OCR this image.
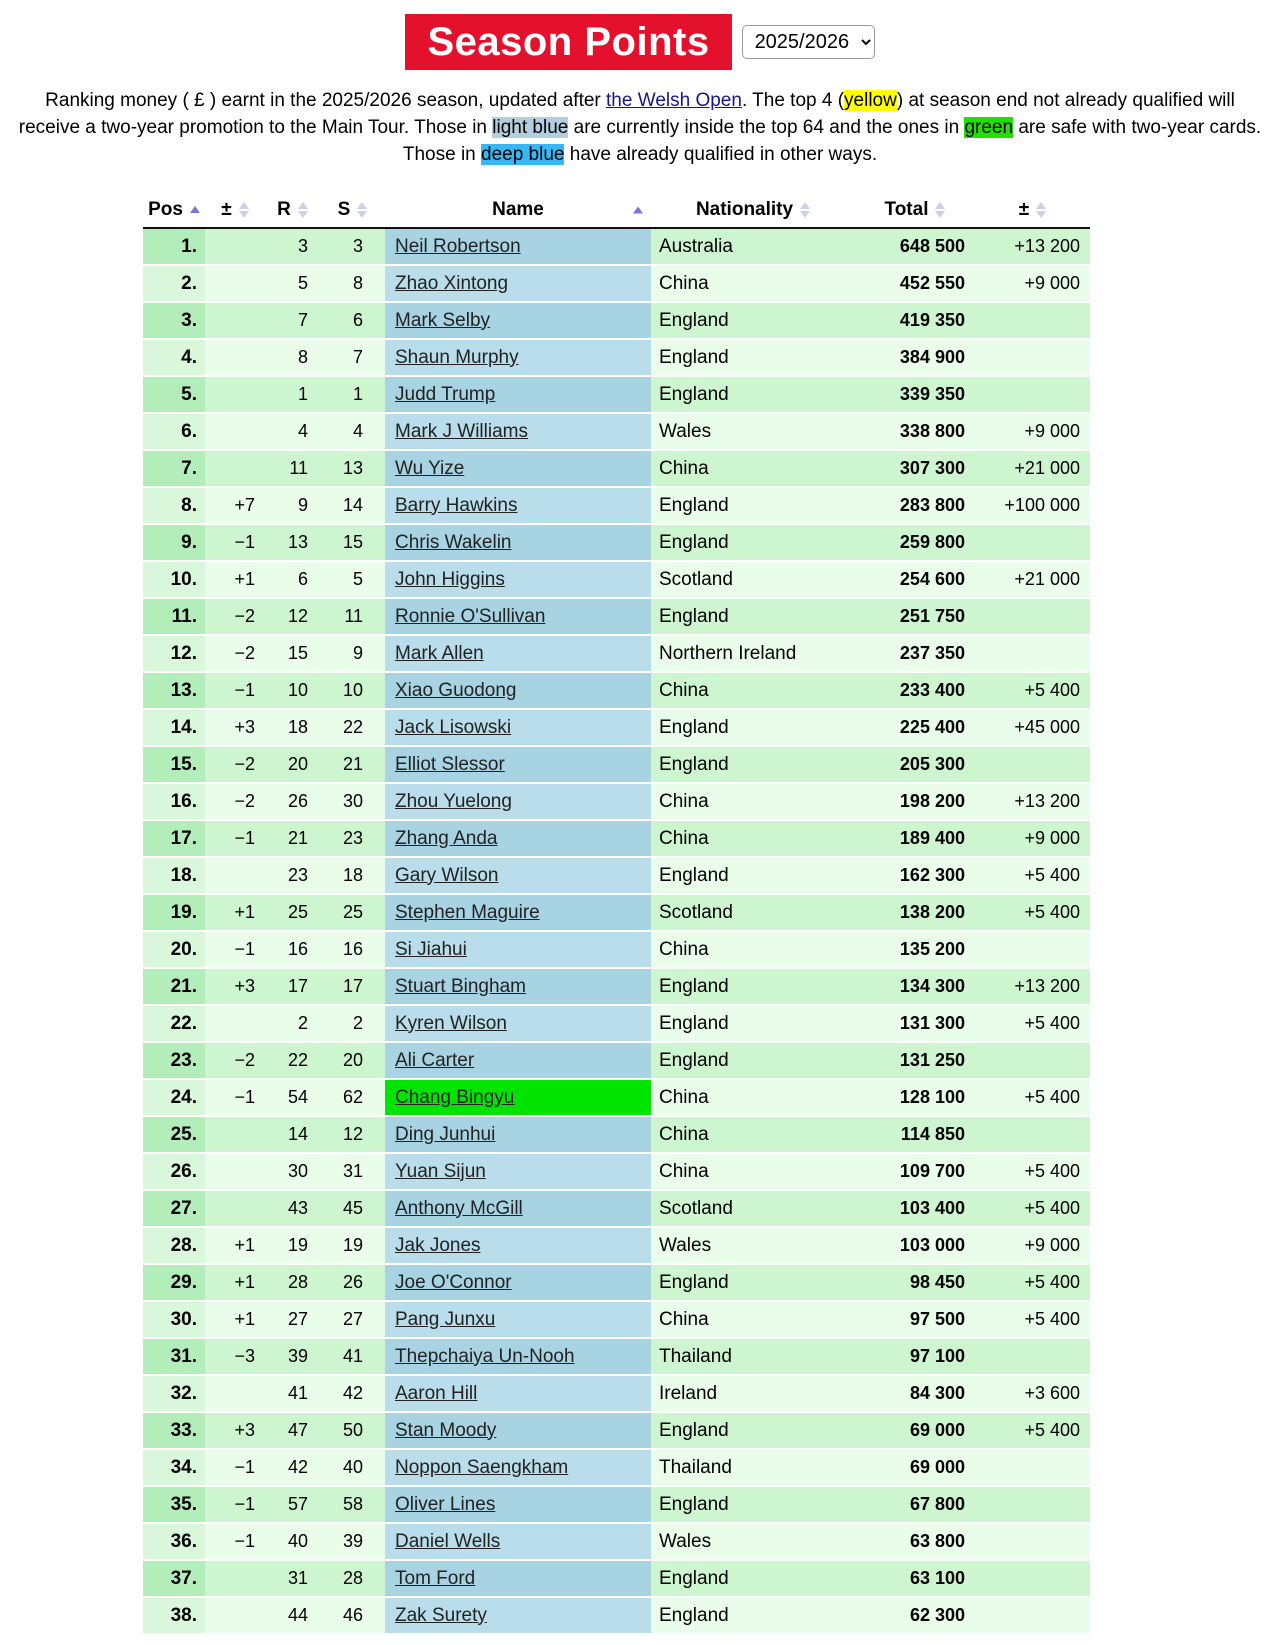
Season Points
2025/2026

Ranking money ( £ ) earnt in the 2025/2026 season, updated after the Welsh Open. The top 4 (yellow) at season end not already qualified will receive a two-year promotion to the Main Tour. Those in light blue are currently inside the top 64 and the ones in green are safe with two-year cards. Those in deep blue have already qualified in other ways.

Pos	±	R	S	Name	Nationality	Total	±

1.		3	3	Neil Robertson	Australia	648 500	+13 200
2.		5	8	Zhao Xintong	China	452 550	+9 000
3.		7	6	Mark Selby	England	419 350	
4.		8	7	Shaun Murphy	England	384 900	
5.		1	1	Judd Trump	England	339 350	
6.		4	4	Mark J Williams	Wales	338 800	+9 000
7.		11	13	Wu Yize	China	307 300	+21 000
8.	+7	9	14	Barry Hawkins	England	283 800	+100 000
9.	−1	13	15	Chris Wakelin	England	259 800	
10.	+1	6	5	John Higgins	Scotland	254 600	+21 000
11.	−2	12	11	Ronnie O'Sullivan	England	251 750	
12.	−2	15	9	Mark Allen	Northern Ireland	237 350	
13.	−1	10	10	Xiao Guodong	China	233 400	+5 400
14.	+3	18	22	Jack Lisowski	England	225 400	+45 000
15.	−2	20	21	Elliot Slessor	England	205 300	
16.	−2	26	30	Zhou Yuelong	China	198 200	+13 200
17.	−1	21	23	Zhang Anda	China	189 400	+9 000
18.		23	18	Gary Wilson	England	162 300	+5 400
19.	+1	25	25	Stephen Maguire	Scotland	138 200	+5 400
20.	−1	16	16	Si Jiahui	China	135 200	
21.	+3	17	17	Stuart Bingham	England	134 300	+13 200
22.		2	2	Kyren Wilson	England	131 300	+5 400
23.	−2	22	20	Ali Carter	England	131 250	
24.	−1	54	62	Chang Bingyu	China	128 100	+5 400
25.		14	12	Ding Junhui	China	114 850	
26.		30	31	Yuan Sijun	China	109 700	+5 400
27.		43	45	Anthony McGill	Scotland	103 400	+5 400
28.	+1	19	19	Jak Jones	Wales	103 000	+9 000
29.	+1	28	26	Joe O'Connor	England	98 450	+5 400
30.	+1	27	27	Pang Junxu	China	97 500	+5 400
31.	−3	39	41	Thepchaiya Un-Nooh	Thailand	97 100	
32.		41	42	Aaron Hill	Ireland	84 300	+3 600
33.	+3	47	50	Stan Moody	England	69 000	+5 400
34.	−1	42	40	Noppon Saengkham	Thailand	69 000	
35.	−1	57	58	Oliver Lines	England	67 800	
36.	−1	40	39	Daniel Wells	Wales	63 800	
37.		31	28	Tom Ford	England	63 100	
38.		44	46	Zak Surety	England	62 300	
